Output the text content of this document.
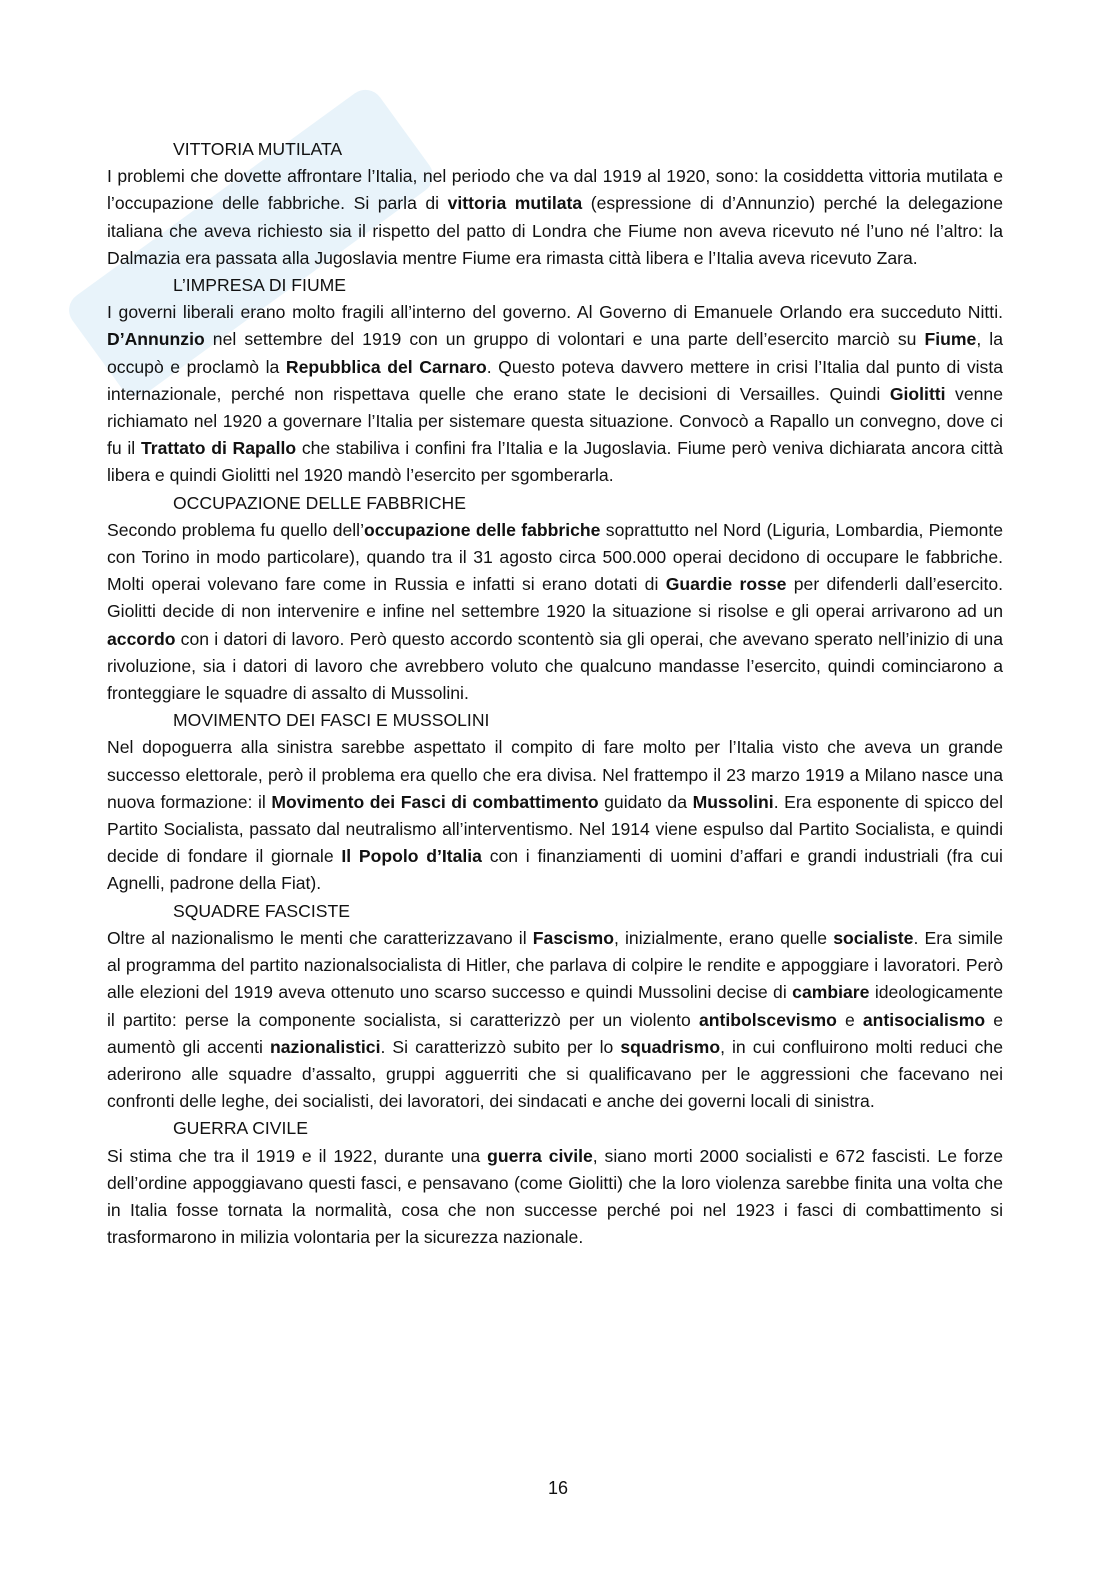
VITTORIA MUTILATA

I problemi che dovette affrontare l’Italia, nel periodo che va dal 1919 al 1920, sono: la cosiddetta vittoria mutilata e l’occupazione delle fabbriche. Si parla di vittoria mutilata (espressione di d’Annunzio) perché la delegazione italiana che aveva richiesto sia il rispetto del patto di Londra che Fiume non aveva ricevuto né l’uno né l’altro: la Dalmazia era passata alla Jugoslavia mentre Fiume era rimasta città libera e l’Italia aveva ricevuto Zara.

L’IMPRESA DI FIUME

I governi liberali erano molto fragili all’interno del governo. Al Governo di Emanuele Orlando era succeduto Nitti. D’Annunzio nel settembre del 1919 con un gruppo di volontari e una parte dell’esercito marciò su Fiume, la occupò e proclamò la Repubblica del Carnaro. Questo poteva davvero mettere in crisi l’Italia dal punto di vista internazionale, perché non rispettava quelle che erano state le decisioni di Versailles. Quindi Giolitti venne richiamato nel 1920 a governare l’Italia per sistemare questa situazione. Convocò a Rapallo un convegno, dove ci fu il Trattato di Rapallo che stabiliva i confini fra l’Italia e la Jugoslavia. Fiume però veniva dichiarata ancora città libera e quindi Giolitti nel 1920 mandò l’esercito per sgomberarla.

OCCUPAZIONE DELLE FABBRICHE

Secondo problema fu quello dell’occupazione delle fabbriche soprattutto nel Nord (Liguria, Lombardia, Piemonte con Torino in modo particolare), quando tra il 31 agosto circa 500.000 operai decidono di occupare le fabbriche. Molti operai volevano fare come in Russia e infatti si erano dotati di Guardie rosse per difenderli dall’esercito. Giolitti decide di non intervenire e infine nel settembre 1920 la situazione si risolse e gli operai arrivarono ad un accordo con i datori di lavoro. Però questo accordo scontentò sia gli operai, che avevano sperato nell’inizio di una rivoluzione, sia i datori di lavoro che avrebbero voluto che qualcuno mandasse l’esercito, quindi cominciarono a fronteggiare le squadre di assalto di Mussolini.

MOVIMENTO DEI FASCI E MUSSOLINI

Nel dopoguerra alla sinistra sarebbe aspettato il compito di fare molto per l’Italia visto che aveva un grande successo elettorale, però il problema era quello che era divisa. Nel frattempo il 23 marzo 1919 a Milano nasce una nuova formazione: il Movimento dei Fasci di combattimento guidato da Mussolini. Era esponente di spicco del Partito Socialista, passato dal neutralismo all’interventismo. Nel 1914 viene espulso dal Partito Socialista, e quindi decide di fondare il giornale Il Popolo d’Italia con i finanziamenti di uomini d’affari e grandi industriali (fra cui Agnelli, padrone della Fiat).

SQUADRE FASCISTE

Oltre al nazionalismo le menti che caratterizzavano il Fascismo, inizialmente, erano quelle socialiste. Era simile al programma del partito nazionalsocialista di Hitler, che parlava di colpire le rendite e appoggiare i lavoratori. Però alle elezioni del 1919 aveva ottenuto uno scarso successo e quindi Mussolini decise di cambiare ideologicamente il partito: perse la componente socialista, si caratterizzò per un violento antibolscevismo e antisocialismo e aumentò gli accenti nazionalistici. Si caratterizzò subito per lo squadrismo, in cui confluirono molti reduci che aderirono alle squadre d’assalto, gruppi agguerriti che si qualificavano per le aggressioni che facevano nei confronti delle leghe, dei socialisti, dei lavoratori, dei sindacati e anche dei governi locali di sinistra.

GUERRA CIVILE

Si stima che tra il 1919 e il 1922, durante una guerra civile, siano morti 2000 socialisti e 672 fascisti. Le forze dell’ordine appoggiavano questi fasci, e pensavano (come Giolitti) che la loro violenza sarebbe finita una volta che in Italia fosse tornata la normalità, cosa che non successe perché poi nel 1923 i fasci di combattimento si trasformarono in milizia volontaria per la sicurezza nazionale.

16
